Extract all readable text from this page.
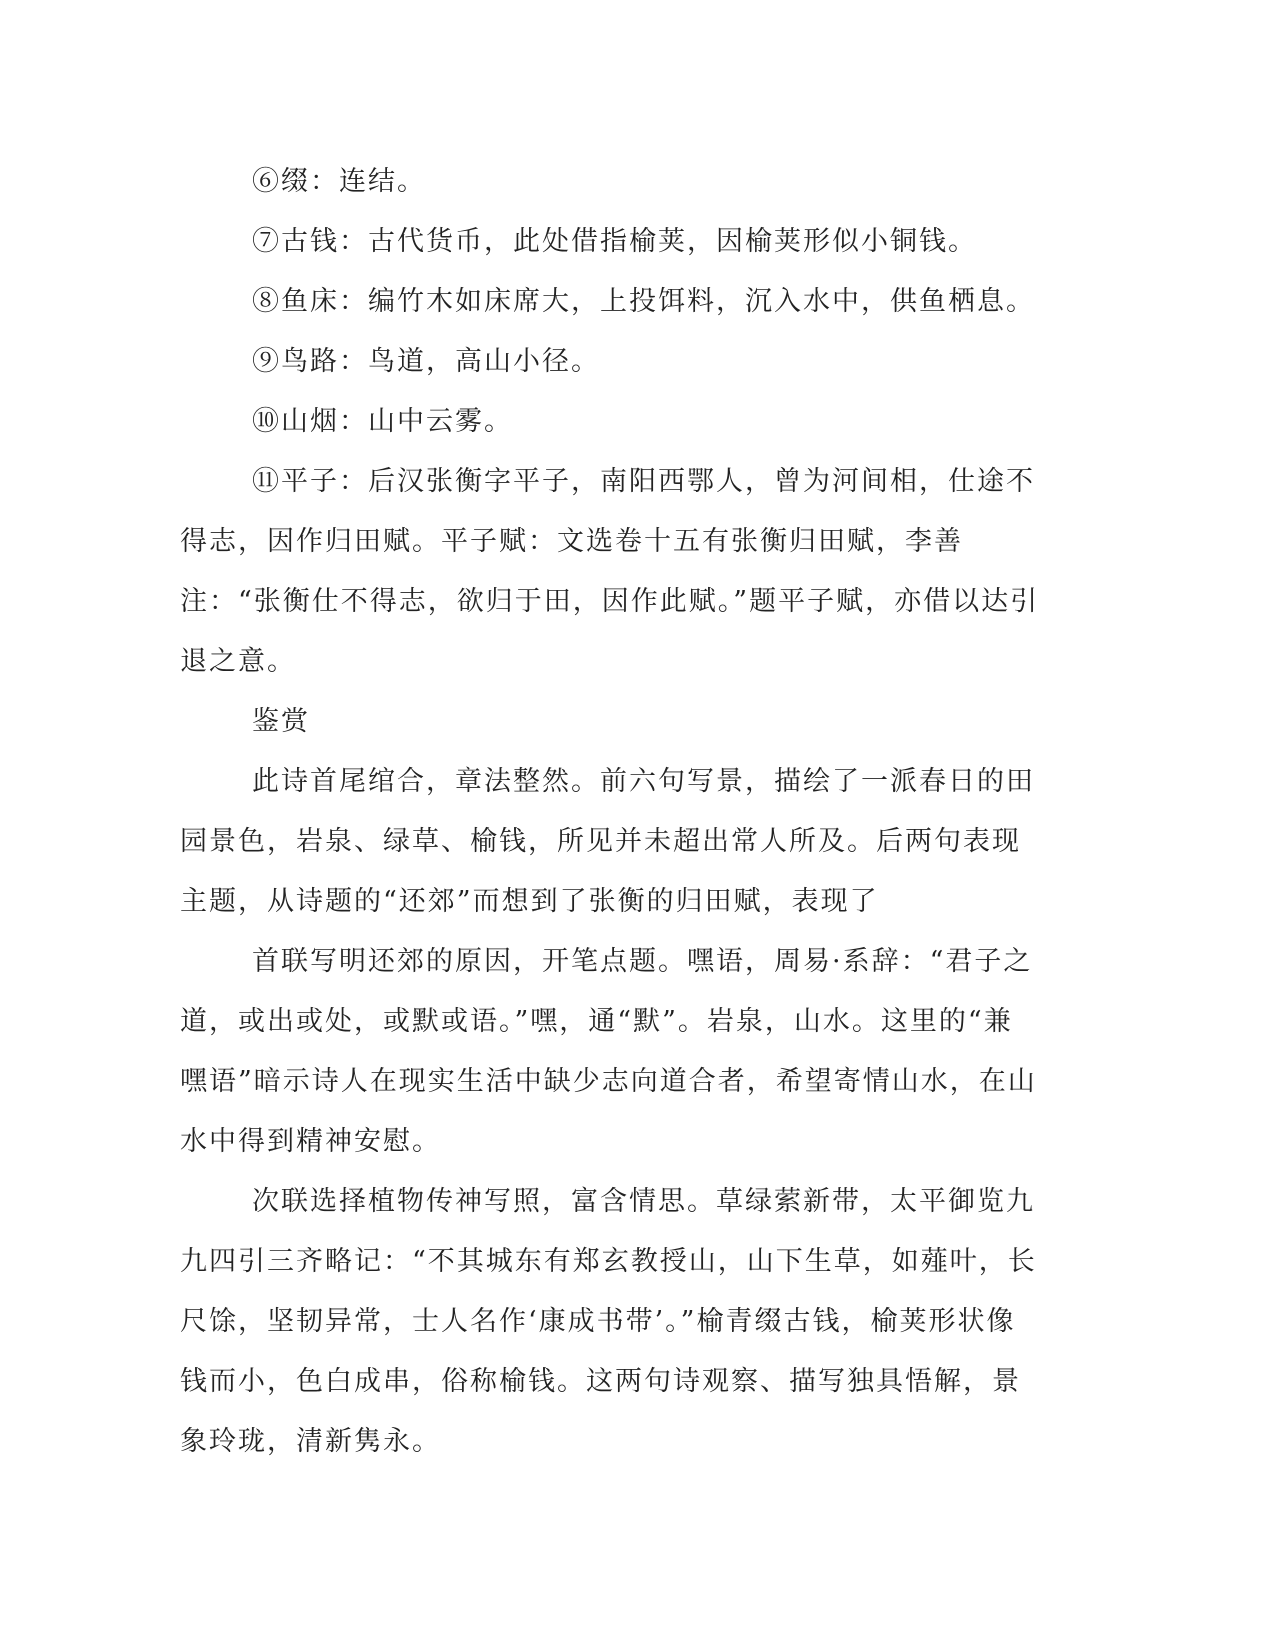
⑥缀：连结。

⑦古钱：古代货币，此处借指榆荚，因榆荚形似小铜钱。

⑧鱼床：编竹木如床席大，上投饵料，沉入水中，供鱼栖息。

⑨鸟路：鸟道，高山小径。

⑩山烟：山中云雾。

⑪平子：后汉张衡字平子，南阳西鄂人，曾为河间相，仕途不得志，因作归田赋。平子赋：文选卷十五有张衡归田赋，李善注：“张衡仕不得志，欲归于田，因作此赋。”题平子赋，亦借以达引退之意。

鉴赏

此诗首尾绾合，章法整然。前六句写景，描绘了一派春日的田园景色，岩泉、绿草、榆钱，所见并未超出常人所及。后两句表现主题，从诗题的“还郊”而想到了张衡的归田赋，表现了

首联写明还郊的原因，开笔点题。嘿语，周易·系辞：“君子之道，或出或处，或默或语。”嘿，通“默”。岩泉，山水。这里的“兼嘿语”暗示诗人在现实生活中缺少志向道合者，希望寄情山水，在山水中得到精神安慰。

次联选择植物传神写照，富含情思。草绿萦新带，太平御览九九四引三齐略记：“不其城东有郑玄教授山，山下生草，如薤叶，长尺馀，坚韧异常，士人名作‘康成书带’。”榆青缀古钱，榆荚形状像钱而小，色白成串，俗称榆钱。这两句诗观察、描写独具悟解，景象玲珑，清新隽永。
